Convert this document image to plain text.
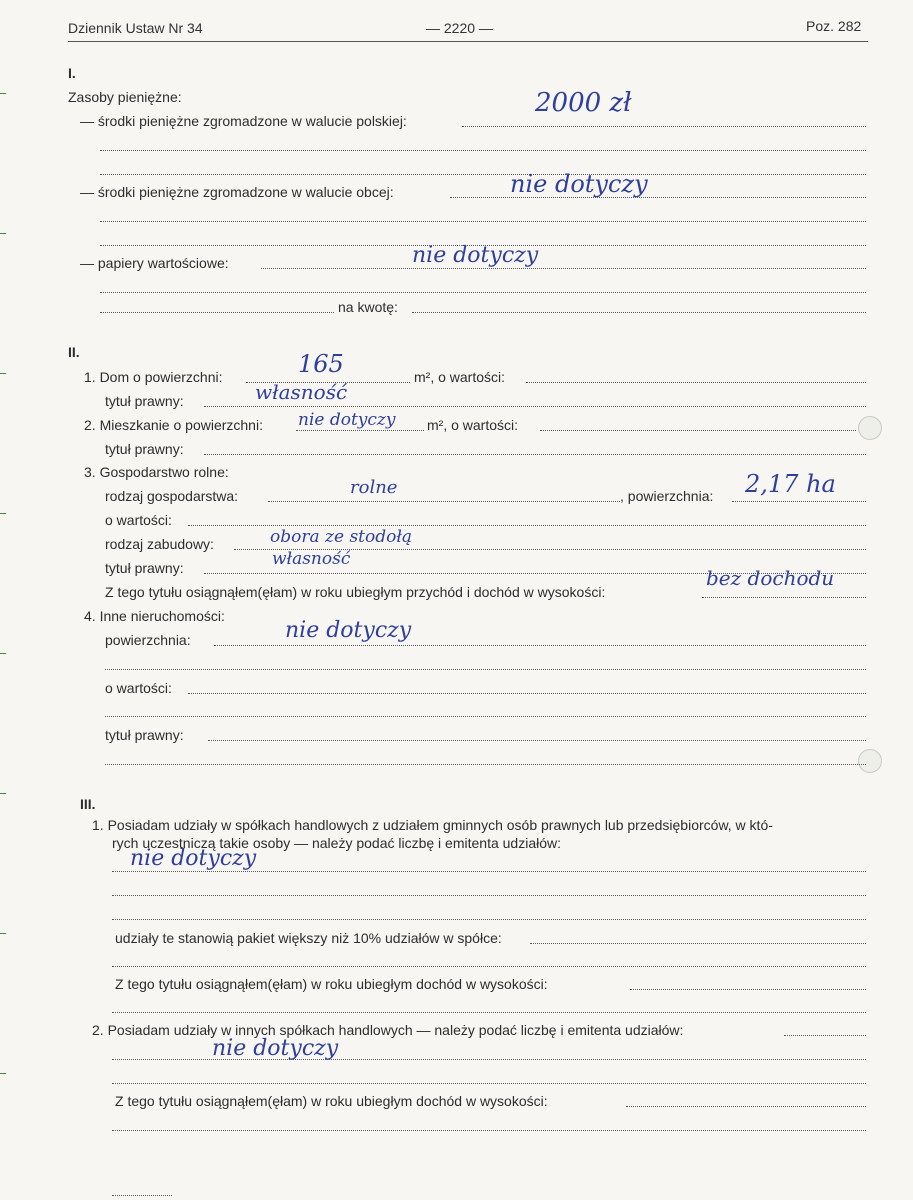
Dziennik Ustaw Nr 34	— 2220 —	Poz. 282
I.
Zasoby pieniężne:
— środki pieniężne zgromadzone w walucie polskiej:
2000 zł
— środki pieniężne zgromadzone w walucie obcej:	nie dotyczy
— papiery wartościowe:	nie dotyczy
na kwotę:
II.
1. Dom o powierzchni:	165	m², o wartości:
tytuł prawny:	własność
2. Mieszkanie o powierzchni: nie dotyczy m², o wartości:
tytuł prawny:
3. Gospodarstwo rolne:
rodzaj gospodarstwa:	rolne	, powierzchnia: 2,17 ha
o wartości:
rodzaj zabudowy:	obora ze stodołą
tytuł prawny:	własność
Z tego tytułu osiągnąłem(ęłam) w roku ubiegłym przychód i dochód w wysokości:
bez dochodu
4. Inne nieruchomości:
powierzchnia:	nie dotyczy
o wartości:
tytuł prawny:
III.
1. Posiadam udziały w spółkach handlowych z udziałem gminnych osób prawnych lub przedsiębiorców, w któ-
rych uczestniczą takie osoby — należy podać liczbę i emitenta udziałów:
nie dotyczy
udziały te stanowią pakiet większy niż 10% udziałów w spółce:
Z tego tytułu osiągnąłem(ęłam) w roku ubiegłym dochód w wysokości:
2. Posiadam udziały w innych spółkach handlowych — należy podać liczbę i emitenta udziałów:
nie dotyczy
Z tego tytułu osiągnąłem(ęłam) w roku ubiegłym dochód w wysokości:
